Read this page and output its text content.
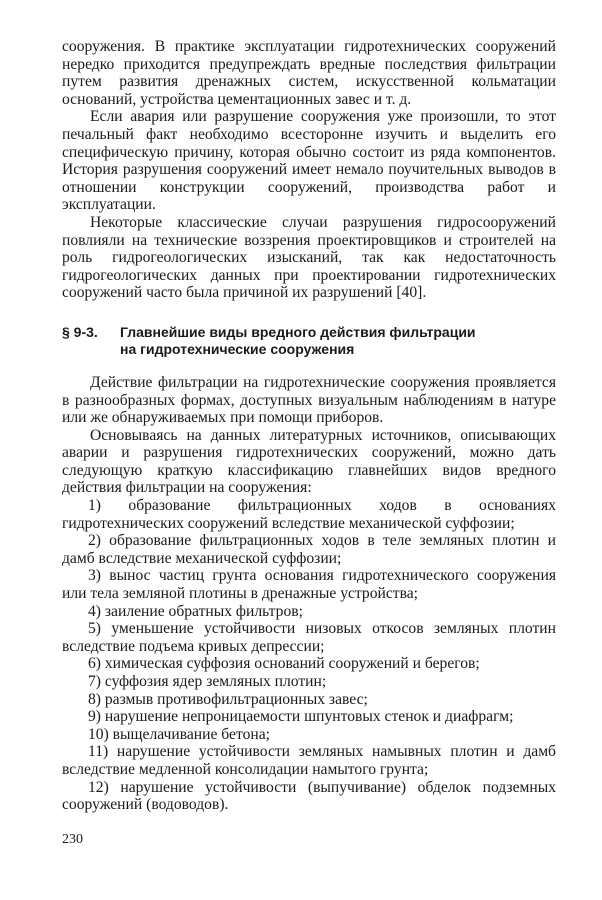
сооружения. В практике эксплуатации гидротехнических сооружений нередко приходится предупреждать вредные последствия фильтрации путем развития дренажных систем, искусственной кольматации оснований, устройства цементационных завес и т. д.

Если авария или разрушение сооружения уже произошли, то этот печальный факт необходимо всесторонне изучить и выделить его специфическую причину, которая обычно состоит из ряда компонентов. История разрушения сооружений имеет немало поучительных выводов в отношении конструкции сооружений, производства работ и эксплуатации.

Некоторые классические случаи разрушения гидросооружений повлияли на технические воззрения проектировщиков и строителей на роль гидрогеологических изысканий, так как недостаточность гидрогеологических данных при проектировании гидротехнических сооружений часто была причиной их разрушений [40].

§ 9-3. Главнейшие виды вредного действия фильтрации
на гидротехнические сооружения

Действие фильтрации на гидротехнические сооружения проявляется в разнообразных формах, доступных визуальным наблюдениям в натуре или же обнаруживаемых при помощи приборов.

Основываясь на данных литературных источников, описывающих аварии и разрушения гидротехнических сооружений, можно дать следующую краткую классификацию главнейших видов вредного действия фильтрации на сооружения:

1) образование фильтрационных ходов в основаниях гидротехнических сооружений вследствие механической суффозии;

2) образование фильтрационных ходов в теле земляных плотин и дамб вследствие механической суффозии;

3) вынос частиц грунта основания гидротехнического сооружения или тела земляной плотины в дренажные устройства;

4) заиление обратных фильтров;

5) уменьшение устойчивости низовых откосов земляных плотин вследствие подъема кривых депрессии;

6) химическая суффозия оснований сооружений и берегов;

7) суффозия ядер земляных плотин;

8) размыв противофильтрационных завес;

9) нарушение непроницаемости шпунтовых стенок и диафрагм;

10) выщелачивание бетона;

11) нарушение устойчивости земляных намывных плотин и дамб вследствие медленной консолидации намытого грунта;

12) нарушение устойчивости (выпучивание) обделок подземных сооружений (водоводов).

230
